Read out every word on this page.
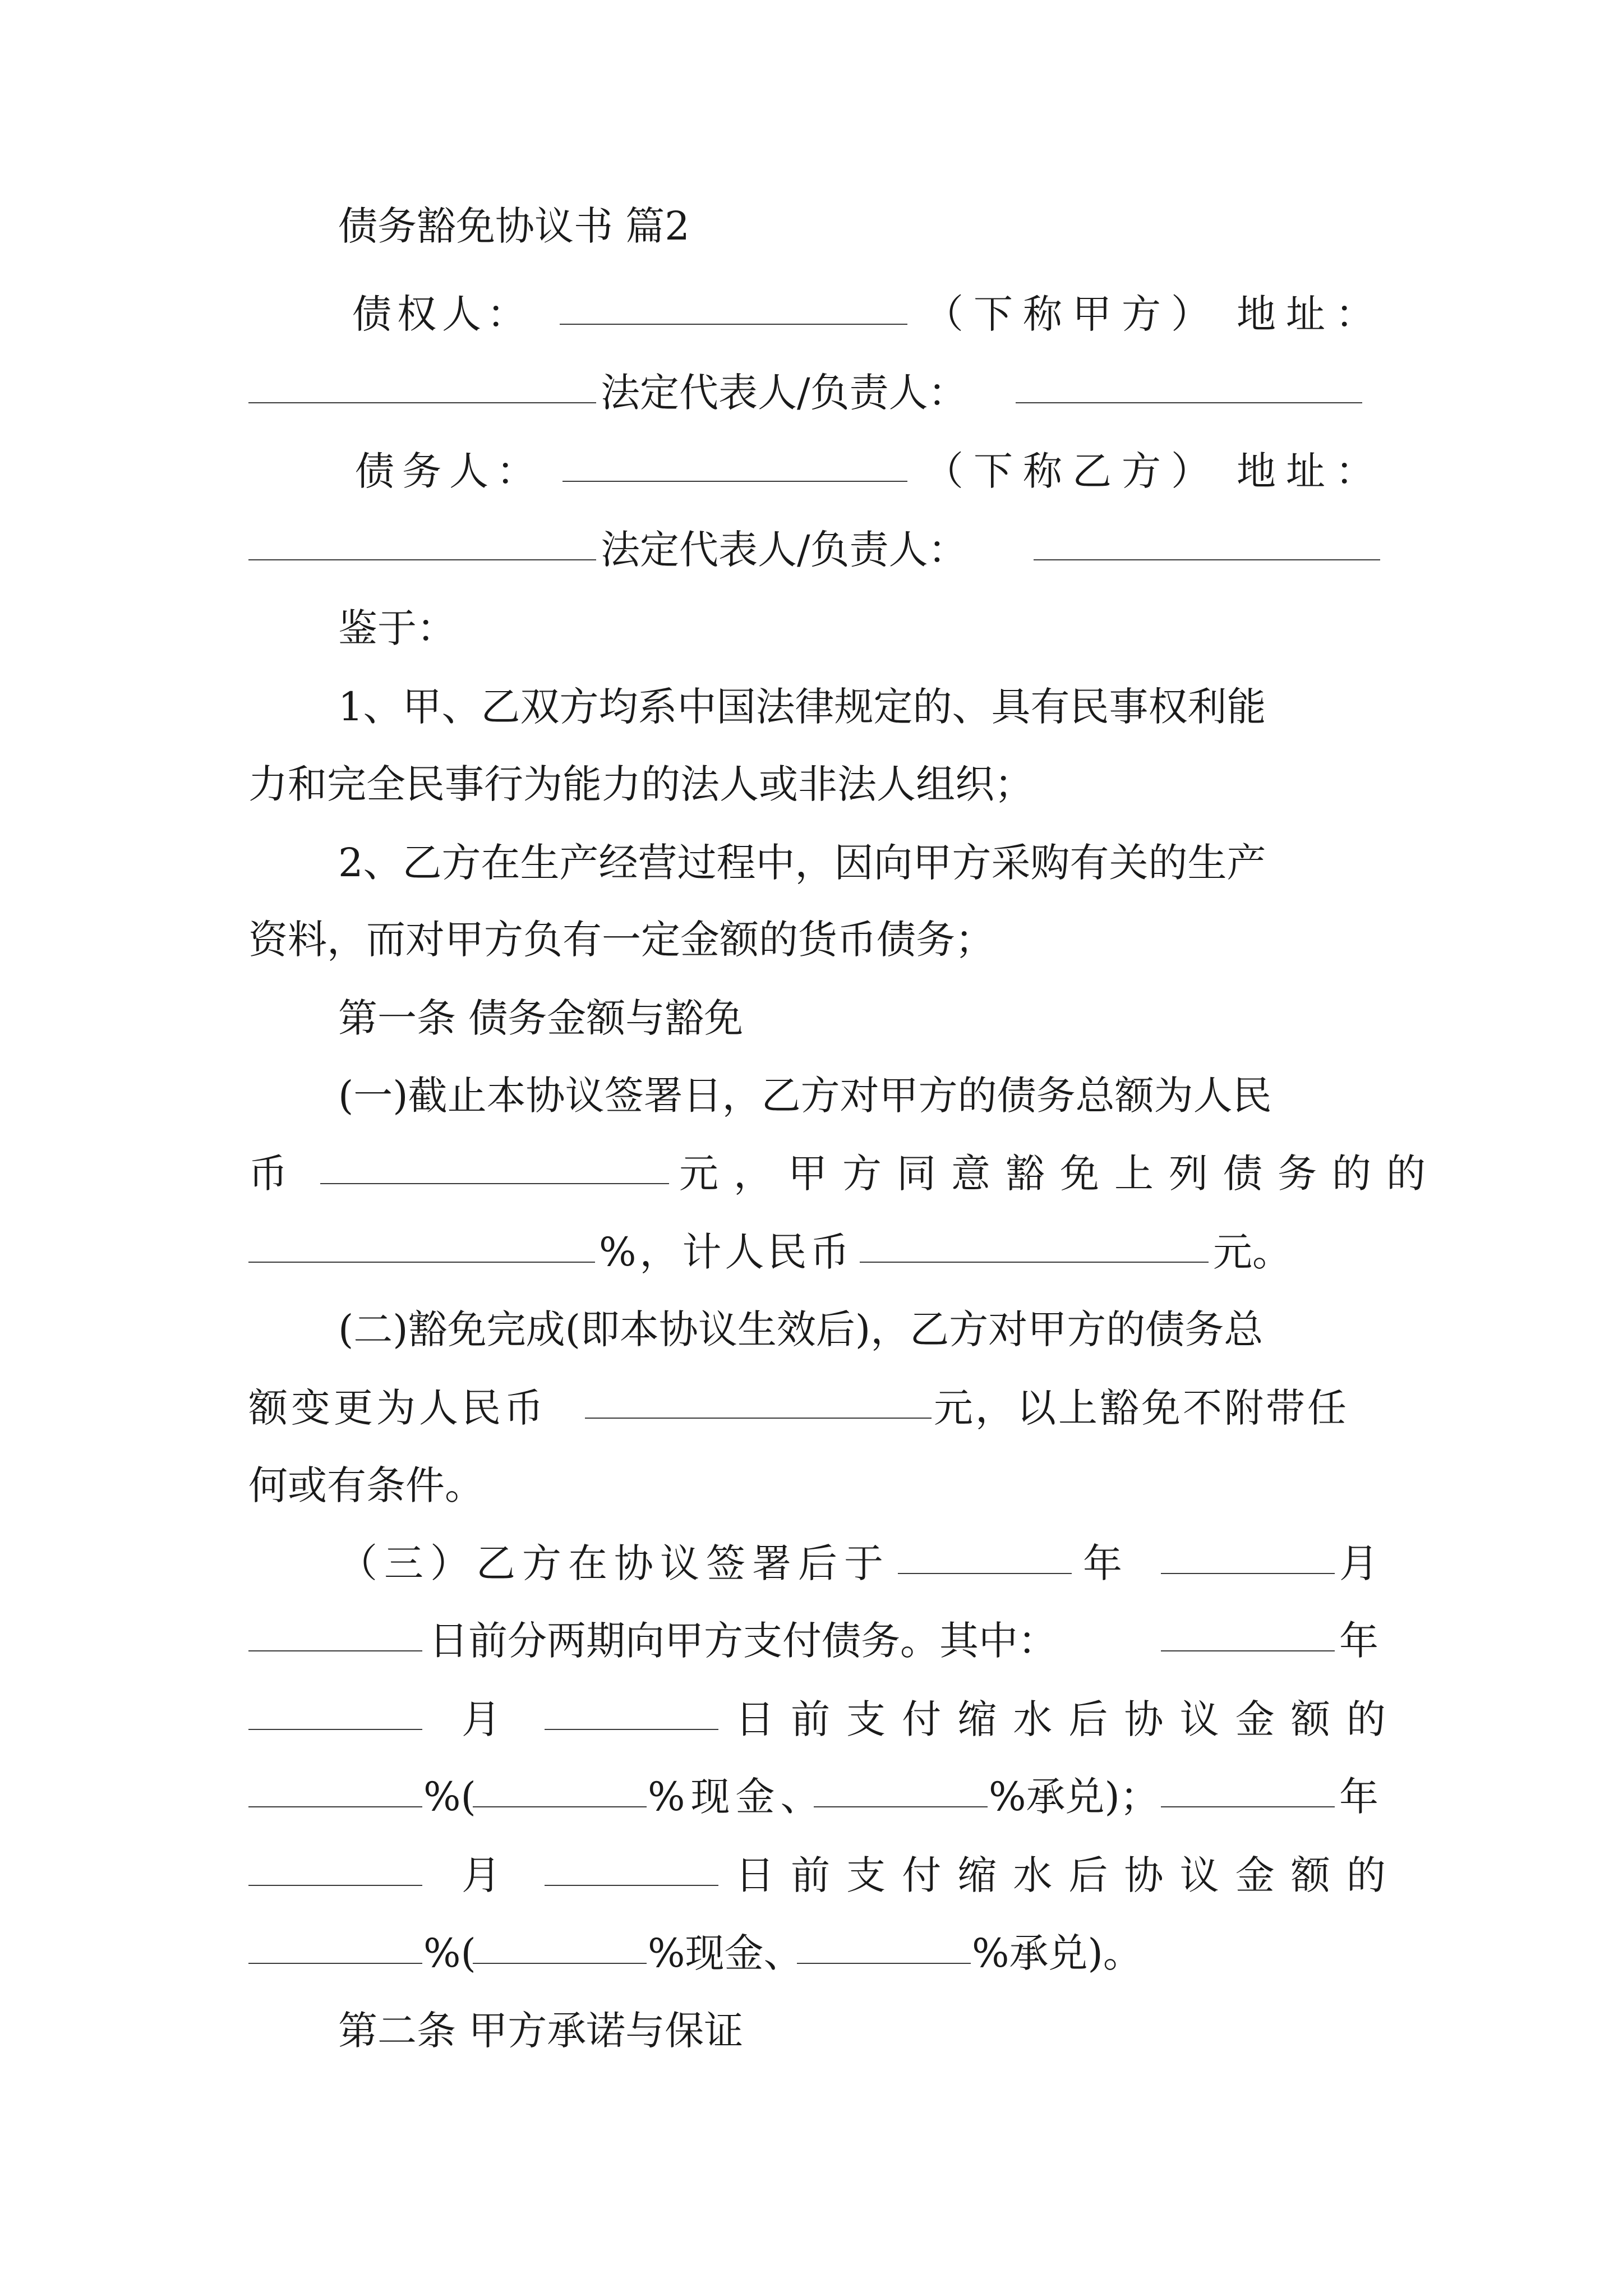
债务豁免协议书 篇2
债权人：	（下称甲方） 地址：
法定代表人/负责人：
债务人：	（下称乙方） 地址：
法定代表人/负责人：
鉴于：
1、甲、乙双方均系中国法律规定的、具有民事权利能
力和完全民事行为能力的法人或非法人组织；
2、乙方在生产经营过程中，因向甲方采购有关的生产
资料，而对甲方负有一定金额的货币债务；
第一条 债务金额与豁免
(一)截止本协议签署日，乙方对甲方的债务总额为人民
币	元，甲方同意豁免上列债务的的
%，计人民币	元。
(二)豁免完成(即本协议生效后)，乙方对甲方的债务总
额变更为人民币	元，以上豁免不附带任
何或有条件。
（三）乙方在协议签署后于	年	月
日前分两期向甲方支付债务。其中：	年
月	日 前 支 付 缩 水 后 协 议 金 额 的
%(	%现金、	%承兑)；	年
月	日 前 支 付 缩 水 后 协 议 金 额 的
%(	%现金、	%承兑)。
第二条 甲方承诺与保证
